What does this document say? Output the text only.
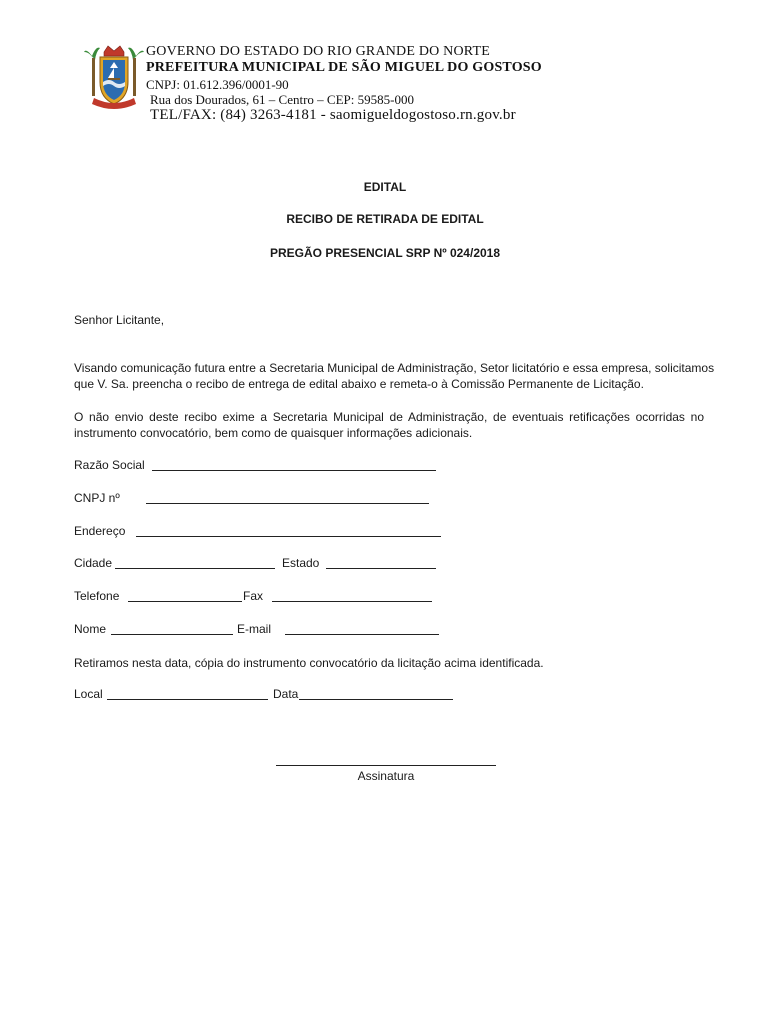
GOVERNO DO ESTADO DO RIO GRANDE DO NORTE
PREFEITURA MUNICIPAL DE SÃO MIGUEL DO GOSTOSO
CNPJ: 01.612.396/0001-90
Rua dos Dourados, 61 – Centro – CEP: 59585-000
TEL/FAX: (84) 3263-4181 - saomigueldogostoso.rn.gov.br
EDITAL
RECIBO DE RETIRADA DE EDITAL
PREGÃO PRESENCIAL SRP Nº 024/2018
Senhor Licitante,
Visando comunicação futura entre a Secretaria Municipal de Administração, Setor licitatório e essa empresa, solicitamos
que V. Sa. preencha o recibo de entrega de edital abaixo e remeta-o à Comissão Permanente de Licitação.
O não envio deste recibo exime a Secretaria Municipal de Administração, de eventuais retificações ocorridas no
instrumento convocatório, bem como de quaisquer informações adicionais.
Razão Social
CNPJ nº
Endereço
Cidade	Estado
Telefone	Fax
Nome	E-mail
Retiramos nesta data, cópia do instrumento convocatório da licitação acima identificada.
Local	Data
Assinatura
